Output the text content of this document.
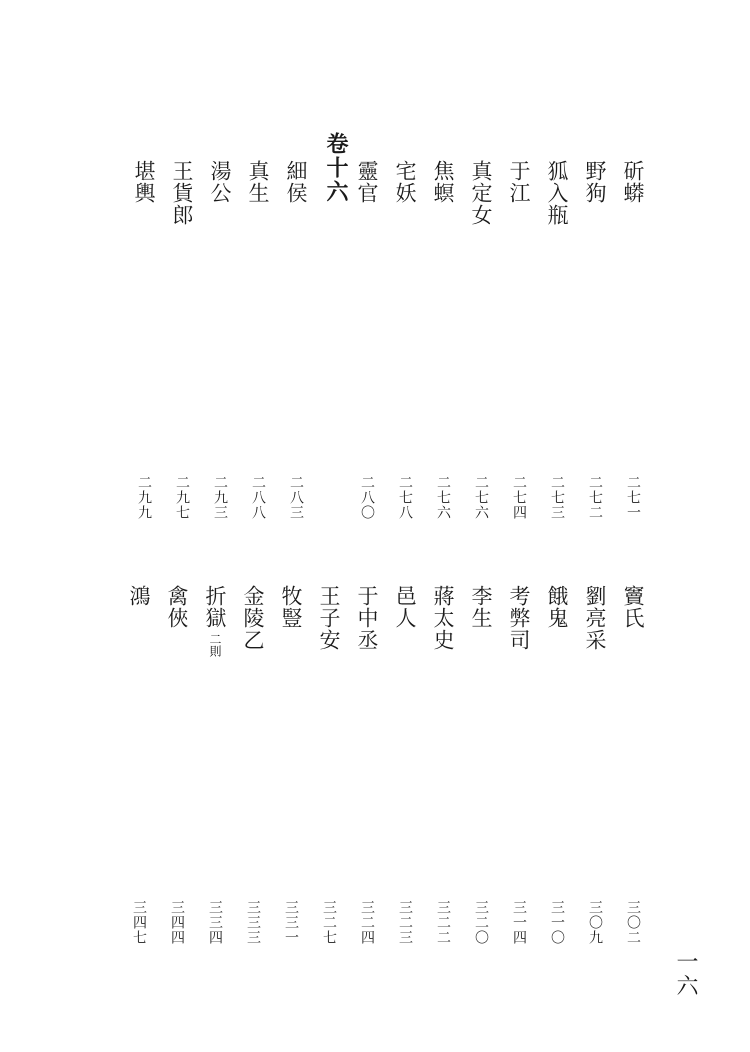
卷十六	斫蟒
二七一
野狗
二七二
狐入瓶
二七三
于江
二七四
真定女
二七六
焦螟
二七六
宅妖
二七八
靈官
二八〇
細侯
二八三
真生
二八八
湯公
二九三
王貨郎
二九七
堪輿
二九九
竇氏
三〇二
劉亮采
三〇九
餓鬼
三一〇
考弊司
三一四
李生
三二〇
蔣太史
三二二
邑人
三二三
于中丞
三二四
王子安
三二七
牧豎
三三一
金陵乙
三三三
折獄
二則
三三四
禽俠
三四四
鴻
三四七
一六
